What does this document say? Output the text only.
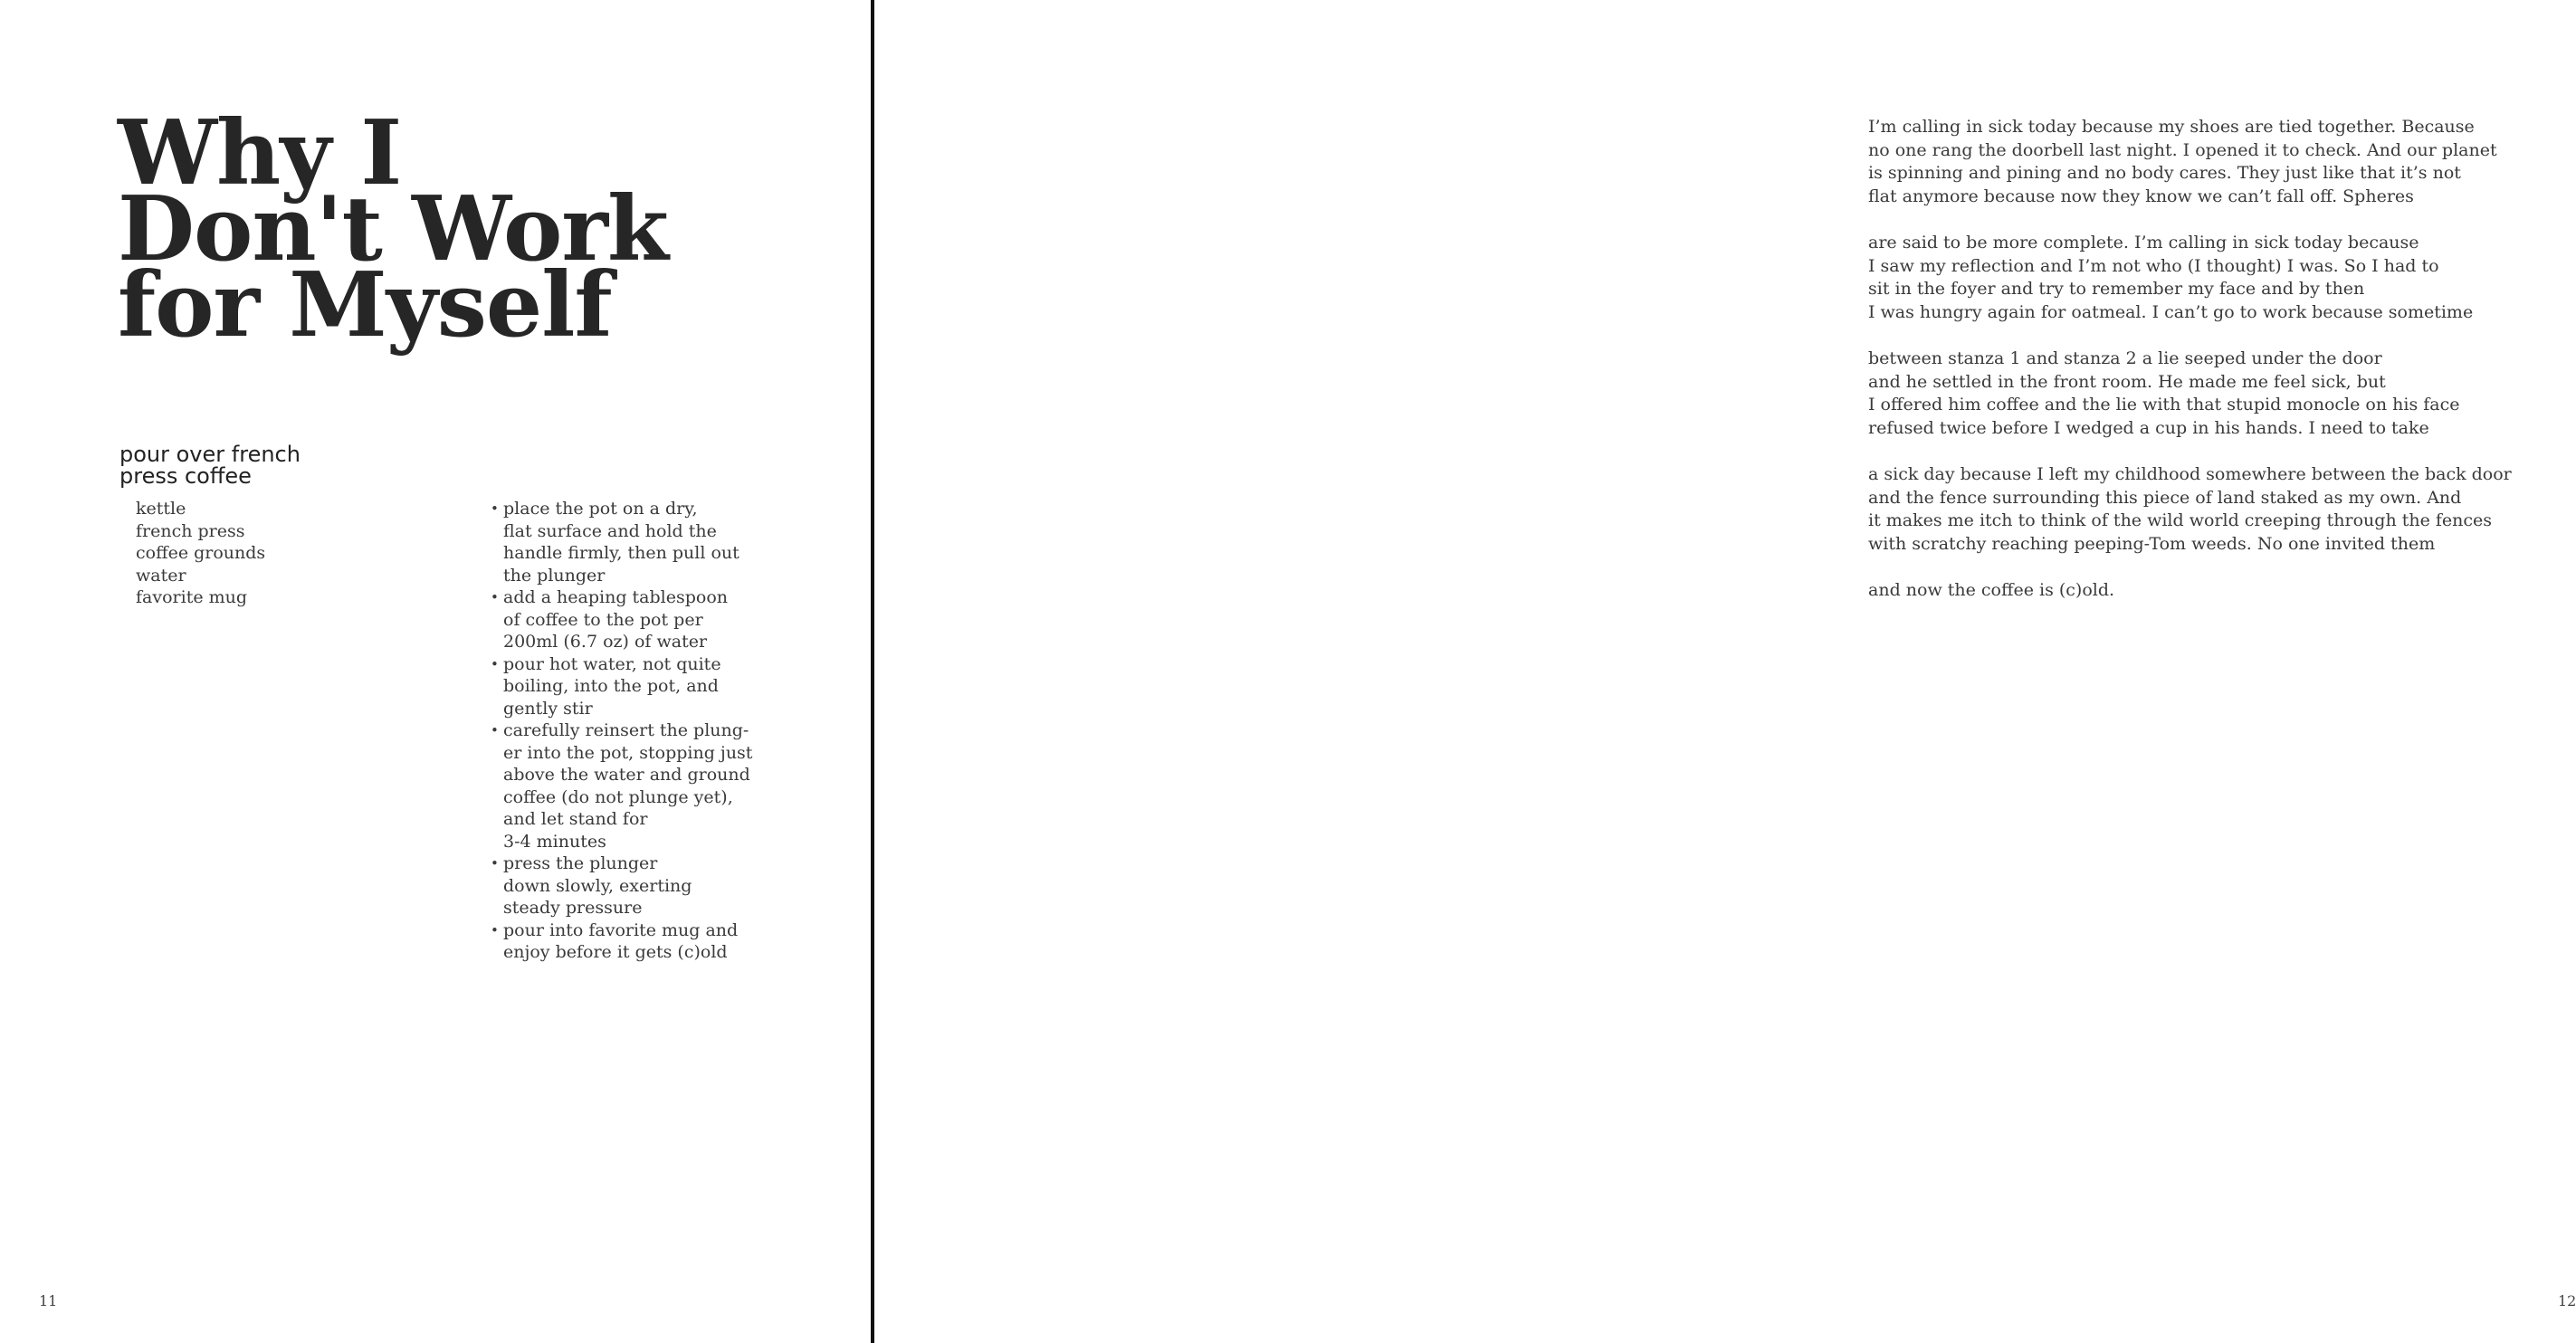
Why I
Don't Work
for Myself
pour over french
press coffee
kettle
french press
coffee grounds
water
favorite mug
• place the pot on a dry,
flat surface and hold the
handle firmly, then pull out
the plunger
• add a heaping tablespoon
of coffee to the pot per
200ml (6.7 oz) of water
• pour hot water, not quite
boiling, into the pot, and
gently stir
• carefully reinsert the plung-
er into the pot, stopping just
above the water and ground
coffee (do not plunge yet),
and let stand for
3-4 minutes
• press the plunger
down slowly, exerting
steady pressure
• pour into favorite mug and
enjoy before it gets (c)old
11
I’m calling in sick today because my shoes are tied together. Because
no one rang the doorbell last night. I opened it to check. And our planet
is spinning and pining and no body cares. They just like that it’s not
flat anymore because now they know we can’t fall off. Spheres
are said to be more complete. I’m calling in sick today because
I saw my reflection and I’m not who (I thought) I was. So I had to
sit in the foyer and try to remember my face and by then
I was hungry again for oatmeal. I can’t go to work because sometime
between stanza 1 and stanza 2 a lie seeped under the door
and he settled in the front room. He made me feel sick, but
I offered him coffee and the lie with that stupid monocle on his face
refused twice before I wedged a cup in his hands. I need to take
a sick day because I left my childhood somewhere between the back door
and the fence surrounding this piece of land staked as my own. And
it makes me itch to think of the wild world creeping through the fences
with scratchy reaching peeping-Tom weeds. No one invited them
and now the coffee is (c)old.
12
